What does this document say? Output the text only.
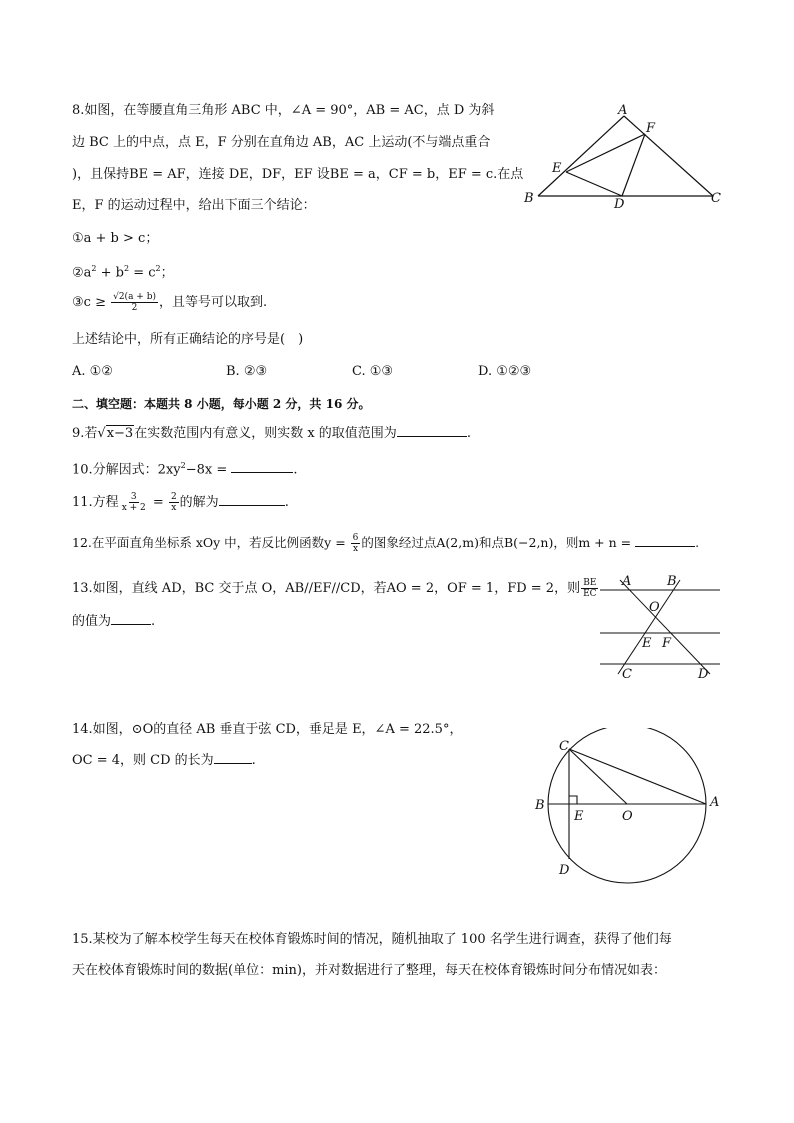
8.如图，在等腰直角三角形 ABC 中，∠A = 90°，AB = AC，点 D 为斜
边 BC 上的中点，点 E，F 分别在直角边 AB，AC 上运动(不与端点重合
)，且保持BE = AF，连接 DE，DF，EF 设BE = a，CF = b，EF = c.在点
E，F 的运动过程中，给出下面三个结论：
①a + b > c；
$②a^2 + b^2 = c^2$；
③c ≥ $\frac{√2(a + b)}{2}$ ，且等号可以取到.
上述结论中，所有正确结论的序号是(　)
A. ①②	B. ②③	C. ①③	D. ①②③
A
F
E
B	D	C
二、填空题：本题共 8 小题，每小题 2 分，共 16 分。
9.若√x−3在实数范围内有意义，则实数 x 的取值范围为	.
10.分解因式：$2xy^2-8x$ =	.
11.方程 $\frac{3}{x + 2} = \frac{2}{x}$ 的解为	.
12.在平面直角坐标系 xOy 中，若反比例函数$y = \frac{6}{x}$ 的图象经过点A(2,m)和点B(−2,n)，则m + n =	.
13.如图，直线 AD，BC 交于点 O，AB//EF//CD，若AO = 2，OF = 1，FD = 2，则 $\frac{BE}{EC}$
的值为	.
A	B
O
E F
C	D
14.如图，⊙O的直径 AB 垂直于弦 CD，垂足是 E，∠A = 22.5°，
OC = 4，则 CD 的长为	.
C
B
E	O
A
D
15.某校为了解本校学生每天在校体育锻炼时间的情况，随机抽取了 100 名学生进行调查，获得了他们每
天在校体育锻炼时间的数据(单位：min)，并对数据进行了整理，每天在校体育锻炼时间分布情况如表：
